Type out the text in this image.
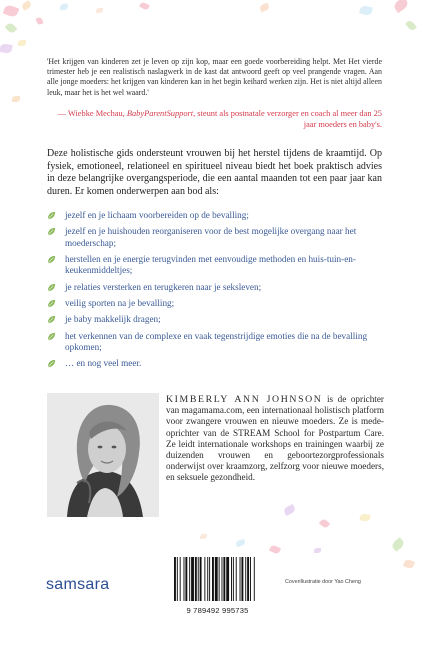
'Het krijgen van kinderen zet je leven op zijn kop, maar een goede voorbereiding helpt. Met Het vierde trimester heb je een realistisch naslagwerk in de kast dat antwoord geeft op veel prangende vragen. Aan alle jonge moeders: het krijgen van kinderen kan in het begin keihard werken zijn. Het is niet altijd alleen leuk, maar het is het wel waard.'
— Wiebke Mechau, BabyParentSupport, steunt als postnatale verzorger en coach al meer dan 25 jaar moeders en baby's.
Deze holistische gids ondersteunt vrouwen bij het herstel tijdens de kraamtijd. Op fysiek, emotioneel, relationeel en spiritueel niveau biedt het boek praktisch advies in deze belangrijke overgangsperiode, die een aantal maanden tot een paar jaar kan duren. Er komen onderwerpen aan bod als:
jezelf en je lichaam voorbereiden op de bevalling;
jezelf en je huishouden reorganiseren voor de best mogelijke overgang naar het moederschap;
herstellen en je energie terugvinden met eenvoudige methoden en huis-tuin-en-keukenmiddeltjes;
je relaties versterken en terugkeren naar je seksleven;
veilig sporten na je bevalling;
je baby makkelijk dragen;
het verkennen van de complexe en vaak tegenstrijdige emoties die na de bevalling opkomen;
… en nog veel meer.
KIMBERLY ANN JOHNSON is de oprichter van magamama.com, een internationaal holistisch platform voor zwangere vrouwen en nieuwe moeders. Ze is mede-oprichter van de STREAM School for Postpartum Care. Ze leidt internationale workshops en trainingen waarbij ze duizenden vrouwen en geboortezorgprofessionals onderwijst over kraamzorg, zelfzorg voor nieuwe moeders, en seksuele gezondheid.
samsara
9 789492 995735
Coverillustratie door Yao Cheng
